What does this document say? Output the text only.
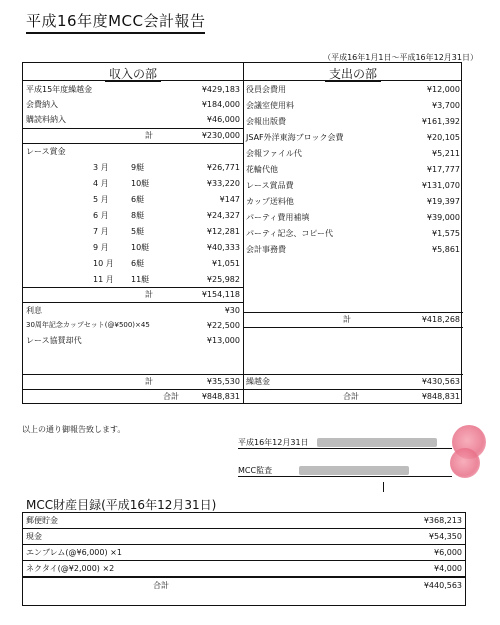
平成16年度MCC会計報告
（平成16年1月1日～平成16年12月31日）
収入の部	支出の部
平成15年度繰越金	¥429,183
会費納入	¥184,000
購読料納入	¥46,000
計	¥230,000
レース賞金
3 月	9艇	¥26,771
4 月	10艇	¥33,220
5 月	6艇	¥147
6 月	8艇	¥24,327
7 月	5艇	¥12,281
9 月	10艇	¥40,333
10 月 6艇	¥1,051
11 月 11艇	¥25,982
計	¥154,118
利息	¥30
30周年記念カップセット(@¥500)×45	¥22,500
レース協賛却代	¥13,000
計	¥35,530
合計	¥848,831
役員会費用	¥12,000
会議室使用料	¥3,700
会報出版費	¥161,392
JSAF外洋東海ブロック会費	¥20,105
会報ファイル代	¥5,211
花輪代他	¥17,777
レース賞品費	¥131,070
カップ送料他	¥19,397
パーティ費用補填	¥39,000
パーティ記念、コピー代	¥1,575
会計事務費	¥5,861
計	¥418,268
繰越金	¥430,563
合計	¥848,831
以上の通り御報告致します。
平成16年12月31日
MCC監査
MCC財産目録(平成16年12月31日)
郵便貯金	¥368,213
現金	¥54,350
エンブレム(@¥6,000) ×1	¥6,000
ネクタイ(@¥2,000) ×2	¥4,000
合計	¥440,563
